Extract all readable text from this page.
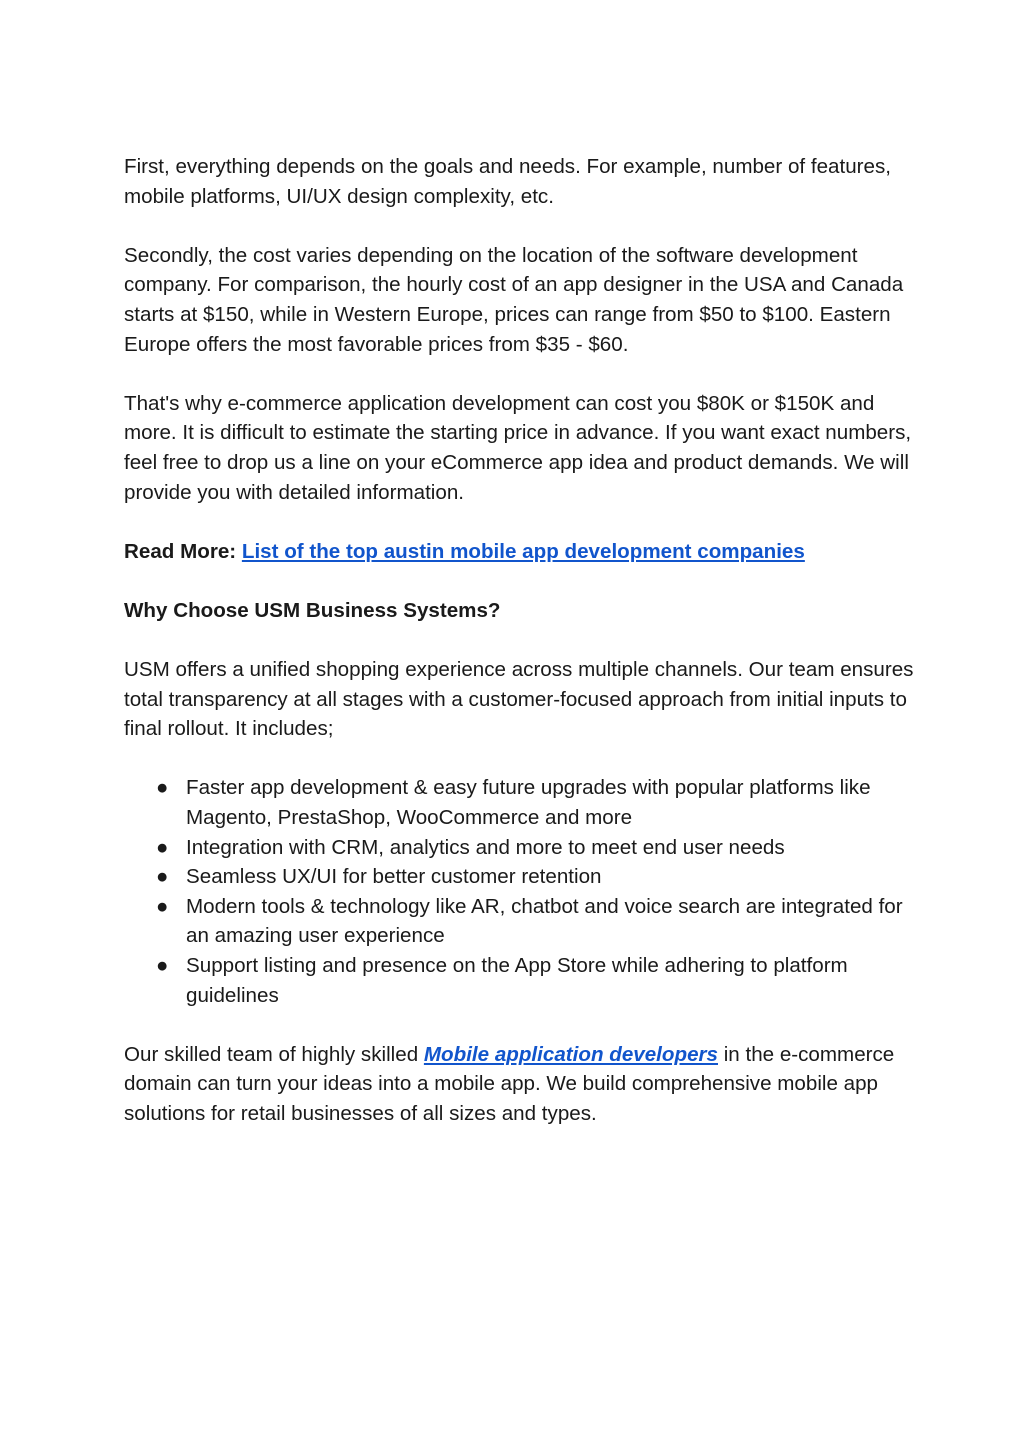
First, everything depends on the goals and needs. For example, number of features, mobile platforms, UI/UX design complexity, etc.

Secondly, the cost varies depending on the location of the software development company. For comparison, the hourly cost of an app designer in the USA and Canada starts at $150, while in Western Europe, prices can range from $50 to $100. Eastern Europe offers the most favorable prices from $35 - $60.

That's why e-commerce application development can cost you $80K or $150K and more. It is difficult to estimate the starting price in advance. If you want exact numbers, feel free to drop us a line on your eCommerce app idea and product demands. We will provide you with detailed information.

Read More: List of the top austin mobile app development companies

Why Choose USM Business Systems?

USM offers a unified shopping experience across multiple channels. Our team ensures total transparency at all stages with a customer-focused approach from initial inputs to final rollout. It includes;

● Faster app development & easy future upgrades with popular platforms like Magento, PrestaShop, WooCommerce and more
● Integration with CRM, analytics and more to meet end user needs
● Seamless UX/UI for better customer retention
● Modern tools & technology like AR, chatbot and voice search are integrated for an amazing user experience
● Support listing and presence on the App Store while adhering to platform guidelines

Our skilled team of highly skilled Mobile application developers in the e-commerce domain can turn your ideas into a mobile app. We build comprehensive mobile app solutions for retail businesses of all sizes and types.
